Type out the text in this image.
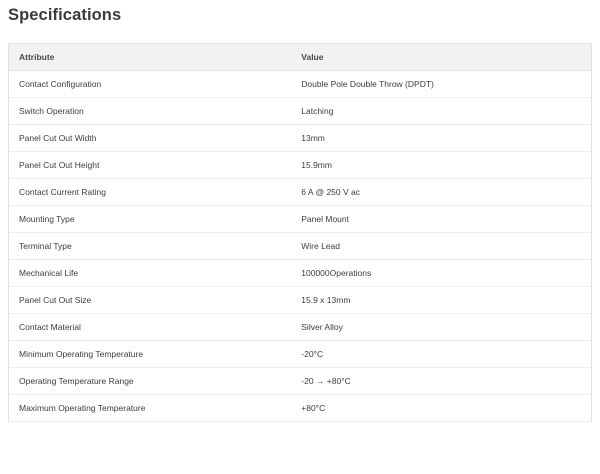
Specifications
Attribute	Value
Contact Configuration	Double Pole Double Throw (DPDT)
Switch Operation	Latching
Panel Cut Out Width	13mm
Panel Cut Out Height	15.9mm
Contact Current Rating	6 A @ 250 V ac
Mounting Type	Panel Mount
Terminal Type	Wire Lead
Mechanical Life	100000Operations
Panel Cut Out Size	15.9 x 13mm
Contact Material	Silver Alloy
Minimum Operating Temperature	-20°C
Operating Temperature Range	-20 → +80°C
Maximum Operating Temperature	+80°C
